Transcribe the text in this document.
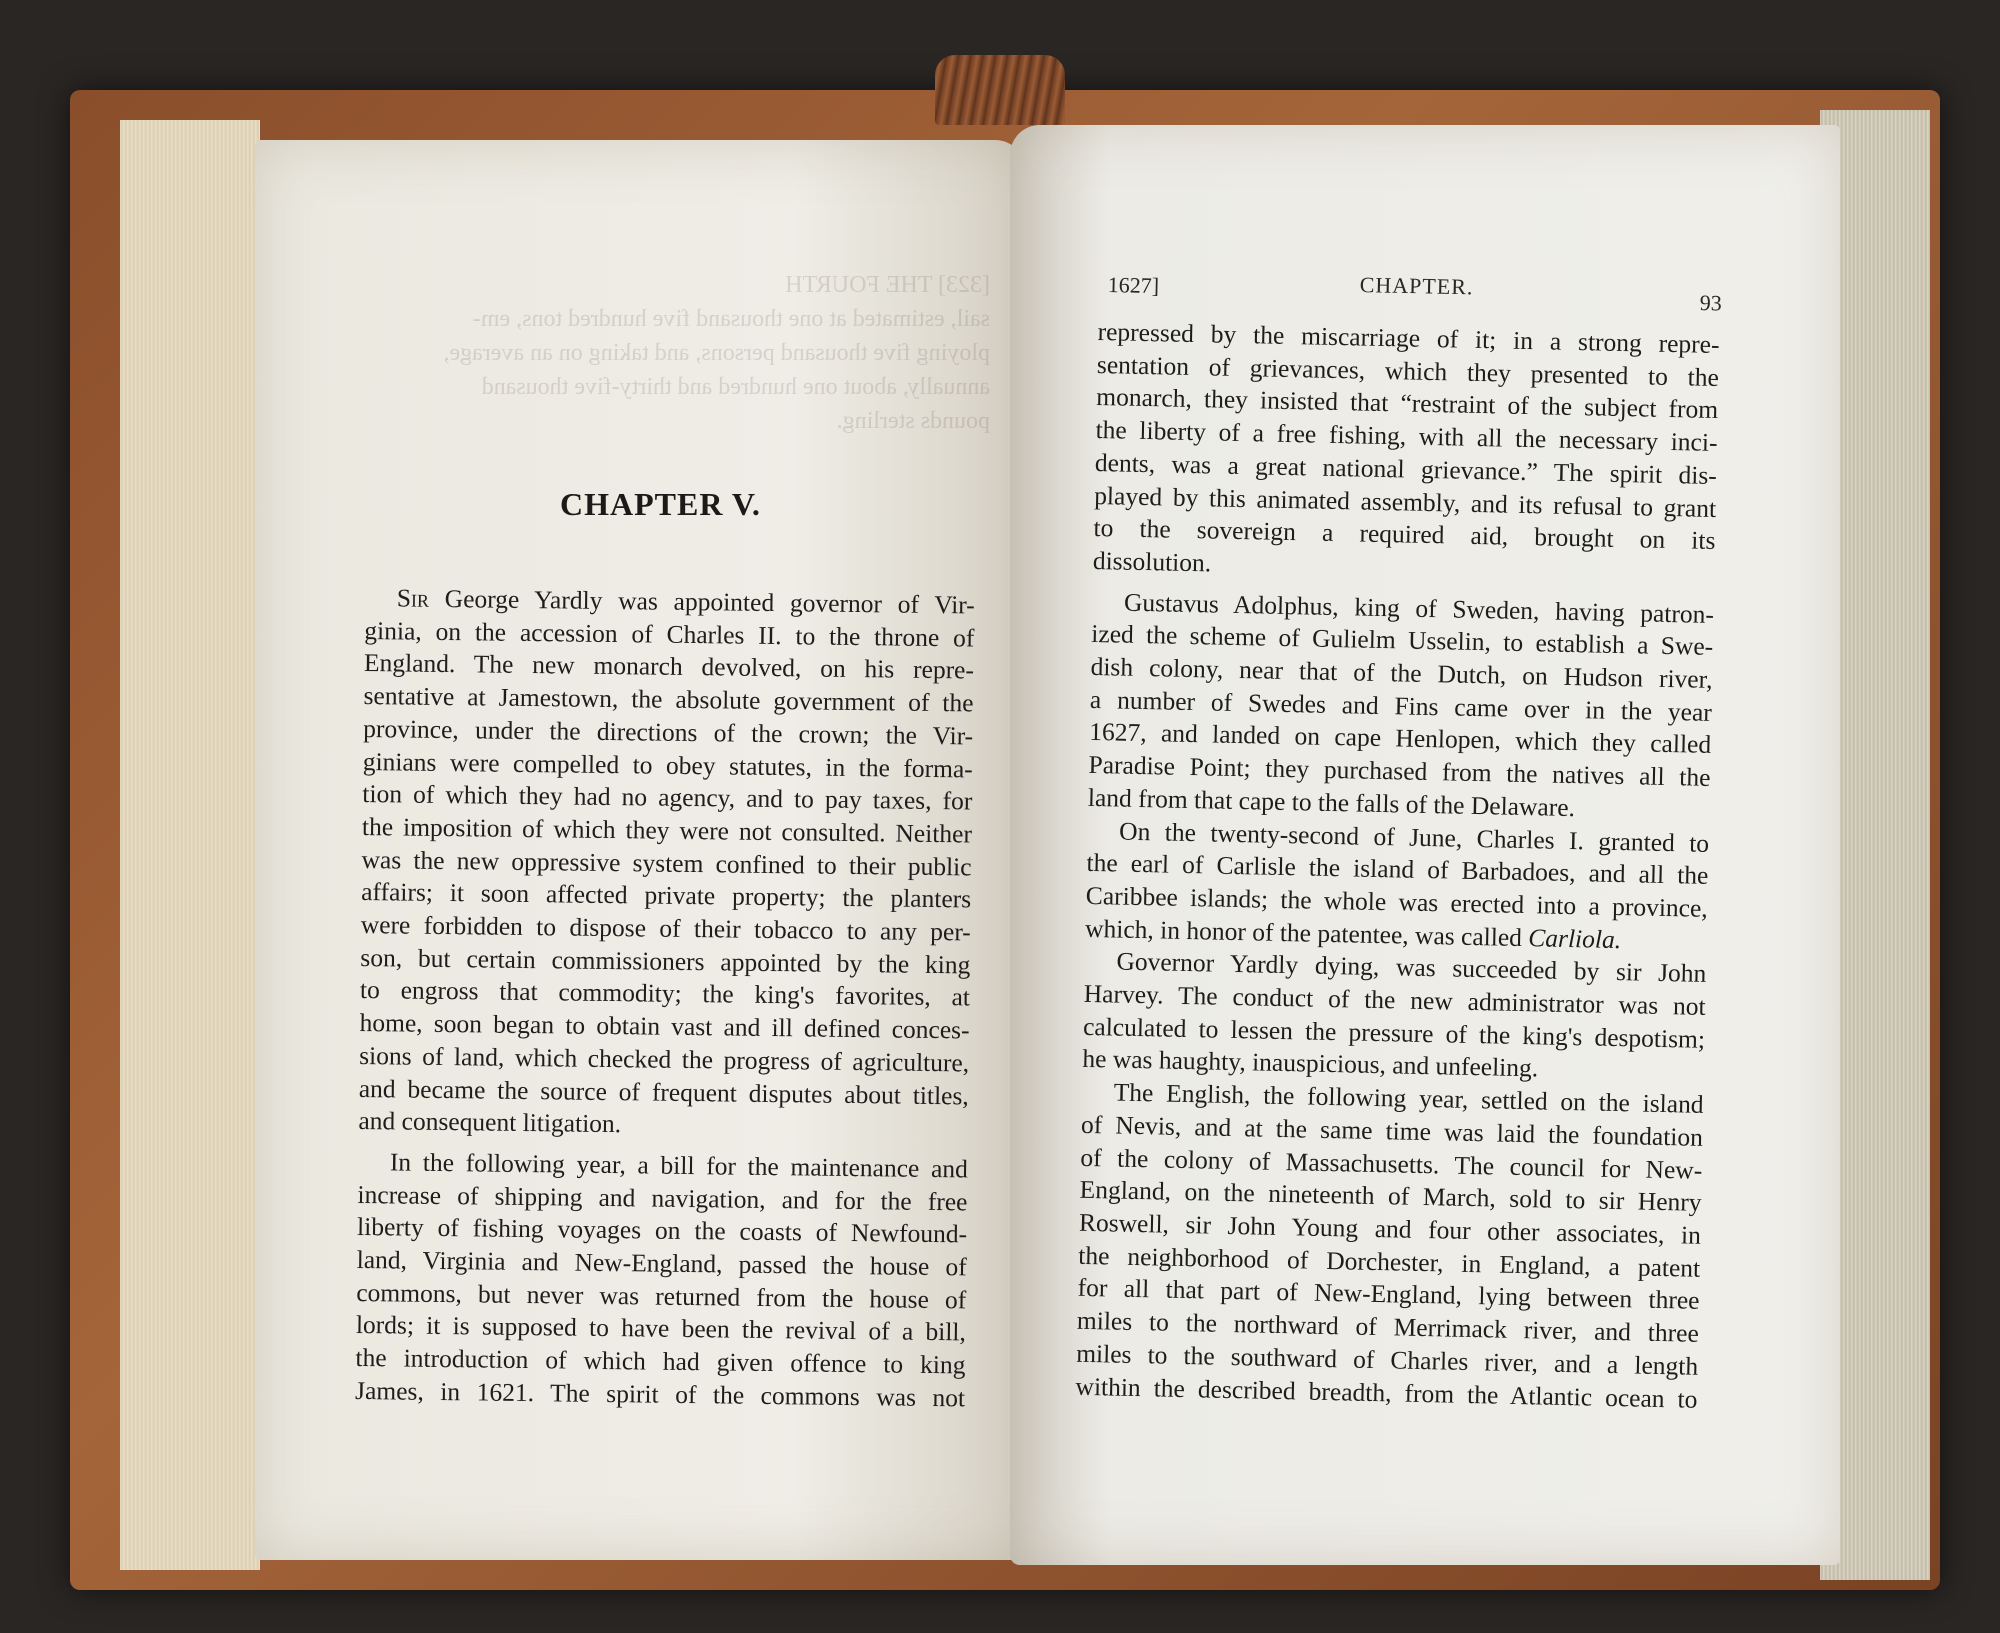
[323] THE FOURTH
sail, estimated at one thousand five hundred tons, em-
ploying five thousand persons, and taking on an average,
annually, about one hundred and thirty-five thousand
pounds sterling.
CHAPTER V.
Sir George Yardly was appointed governor of Vir-
ginia, on the accession of Charles II. to the throne of
England. The new monarch devolved, on his repre-
sentative at Jamestown, the absolute government of the
province, under the directions of the crown; the Vir-
ginians were compelled to obey statutes, in the forma-
tion of which they had no agency, and to pay taxes, for
the imposition of which they were not consulted. Neither
was the new oppressive system confined to their public
affairs; it soon affected private property; the planters
were forbidden to dispose of their tobacco to any per-
son, but certain commissioners appointed by the king
to engross that commodity; the king's favorites, at
home, soon began to obtain vast and ill defined conces-
sions of land, which checked the progress of agriculture,
and became the source of frequent disputes about titles,
and consequent litigation.
In the following year, a bill for the maintenance and
increase of shipping and navigation, and for the free
liberty of fishing voyages on the coasts of Newfound-
land, Virginia and New-England, passed the house of
commons, but never was returned from the house of
lords; it is supposed to have been the revival of a bill,
the introduction of which had given offence to king
James, in 1621. The spirit of the commons was not
1627]	CHAPTER.
93
repressed by the miscarriage of it; in a strong repre-
sentation of grievances, which they presented to the
monarch, they insisted that “restraint of the subject from
the liberty of a free fishing, with all the necessary inci-
dents, was a great national grievance.” The spirit dis-
played by this animated assembly, and its refusal to grant
to the sovereign a required aid, brought on its
dissolution.
Gustavus Adolphus, king of Sweden, having patron-
ized the scheme of Gulielm Usselin, to establish a Swe-
dish colony, near that of the Dutch, on Hudson river,
a number of Swedes and Fins came over in the year
1627, and landed on cape Henlopen, which they called
Paradise Point; they purchased from the natives all the
land from that cape to the falls of the Delaware.
On the twenty-second of June, Charles I. granted to
the earl of Carlisle the island of Barbadoes, and all the
Caribbee islands; the whole was erected into a province,
which, in honor of the patentee, was called Carliola.
Governor Yardly dying, was succeeded by sir John
Harvey. The conduct of the new administrator was not
calculated to lessen the pressure of the king's despotism;
he was haughty, inauspicious, and unfeeling.
The English, the following year, settled on the island
of Nevis, and at the same time was laid the foundation
of the colony of Massachusetts. The council for New-
England, on the nineteenth of March, sold to sir Henry
Roswell, sir John Young and four other associates, in
the neighborhood of Dorchester, in England, a patent
for all that part of New-England, lying between three
miles to the northward of Merrimack river, and three
miles to the southward of Charles river, and a length
within the described breadth, from the Atlantic ocean to
